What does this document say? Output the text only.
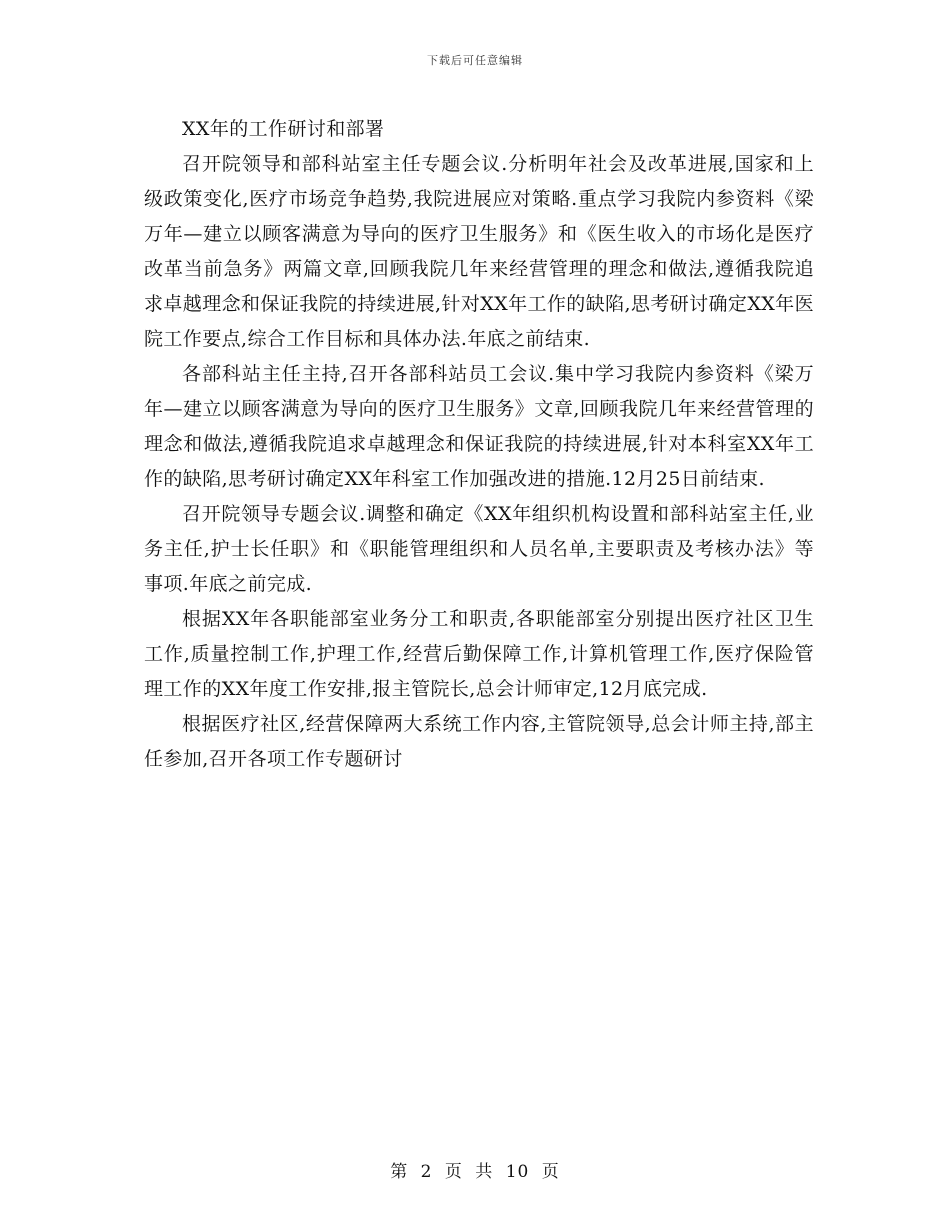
下载后可任意编辑

XX年的工作研讨和部署

召开院领导和部科站室主任专题会议.分析明年社会及改革进展,国家和上级政策变化,医疗市场竞争趋势,我院进展应对策略.重点学习我院内参资料《梁万年—建立以顾客满意为导向的医疗卫生服务》和《医生收入的市场化是医疗改革当前急务》两篇文章,回顾我院几年来经营管理的理念和做法,遵循我院追求卓越理念和保证我院的持续进展,针对XX年工作的缺陷,思考研讨确定XX年医院工作要点,综合工作目标和具体办法.年底之前结束.

各部科站主任主持,召开各部科站员工会议.集中学习我院内参资料《梁万年—建立以顾客满意为导向的医疗卫生服务》文章,回顾我院几年来经营管理的理念和做法,遵循我院追求卓越理念和保证我院的持续进展,针对本科室XX年工作的缺陷,思考研讨确定XX年科室工作加强改进的措施.12月25日前结束.

召开院领导专题会议.调整和确定《XX年组织机构设置和部科站室主任,业务主任,护士长任职》和《职能管理组织和人员名单,主要职责及考核办法》等事项.年底之前完成.

根据XX年各职能部室业务分工和职责,各职能部室分别提出医疗社区卫生工作,质量控制工作,护理工作,经营后勤保障工作,计算机管理工作,医疗保险管理工作的XX年度工作安排,报主管院长,总会计师审定,12月底完成.

根据医疗社区,经营保障两大系统工作内容,主管院领导,总会计师主持,部主任参加,召开各项工作专题研讨

第 2 页 共 10 页
